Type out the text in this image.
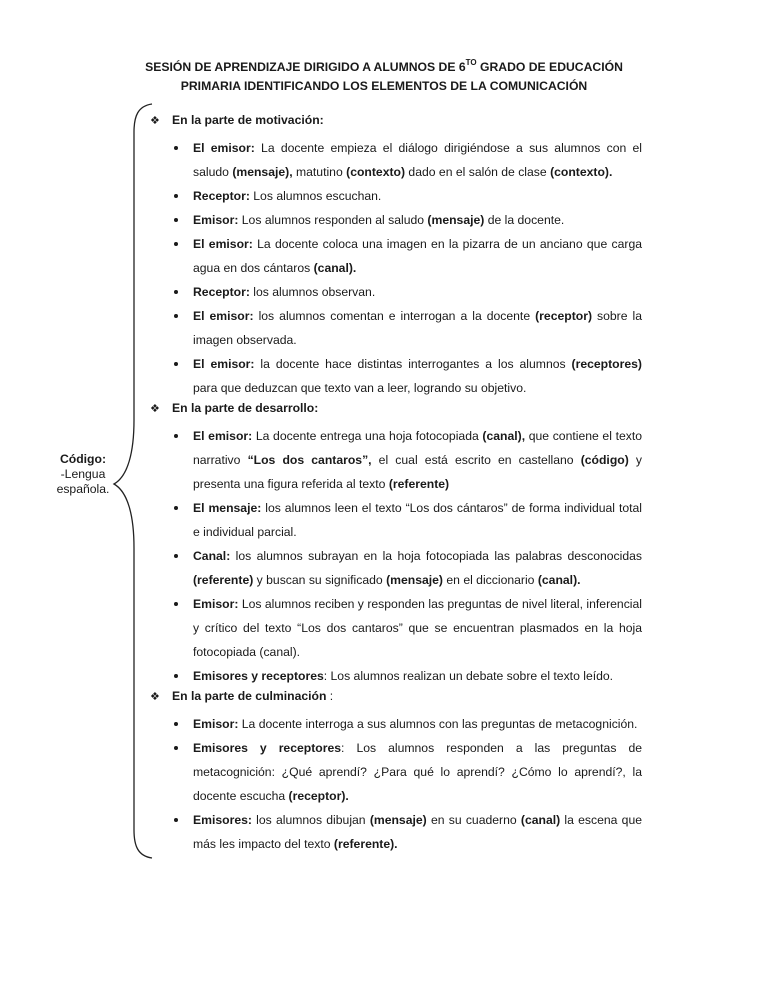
SESIÓN DE APRENDIZAJE DIRIGIDO A ALUMNOS DE $6^{TO}$ GRADO DE EDUCACIÓN
PRIMARIA IDENTIFICANDO LOS ELEMENTOS DE LA COMUNICACIÓN
Código:
-Lengua
española.
❖ En la parte de motivación:
El emisor: La docente empieza el diálogo dirigiéndose a sus alumnos con el saludo (mensaje), matutino (contexto) dado en el salón de clase (contexto).
Receptor: Los alumnos escuchan.
Emisor: Los alumnos responden al saludo (mensaje) de la docente.
El emisor: La docente coloca una imagen en la pizarra de un anciano que carga agua en dos cántaros (canal).
Receptor: los alumnos observan.
El emisor: los alumnos comentan e interrogan a la docente (receptor) sobre la imagen observada.
El emisor: la docente hace distintas interrogantes a los alumnos (receptores) para que deduzcan que texto van a leer, logrando su objetivo.
❖ En la parte de desarrollo:
El emisor: La docente entrega una hoja fotocopiada (canal), que contiene el texto narrativo “Los dos cantaros”, el cual está escrito en castellano (código) y presenta una figura referida al texto (referente)
El mensaje: los alumnos leen el texto “Los dos cántaros” de forma individual total e individual parcial.
Canal: los alumnos subrayan en la hoja fotocopiada las palabras desconocidas (referente) y buscan su significado (mensaje) en el diccionario (canal).
Emisor: Los alumnos reciben y responden las preguntas de nivel literal, inferencial y crítico del texto “Los dos cantaros” que se encuentran plasmados en la hoja fotocopiada (canal).
Emisores y receptores: Los alumnos realizan un debate sobre el texto leído.
❖ En la parte de culminación :
Emisor: La docente interroga a sus alumnos con las preguntas de metacognición.
Emisores y receptores: Los alumnos responden a las preguntas de metacognición: ¿Qué aprendí? ¿Para qué lo aprendí? ¿Cómo lo aprendí?, la docente escucha (receptor).
Emisores: los alumnos dibujan (mensaje) en su cuaderno (canal) la escena que más les impacto del texto (referente).
